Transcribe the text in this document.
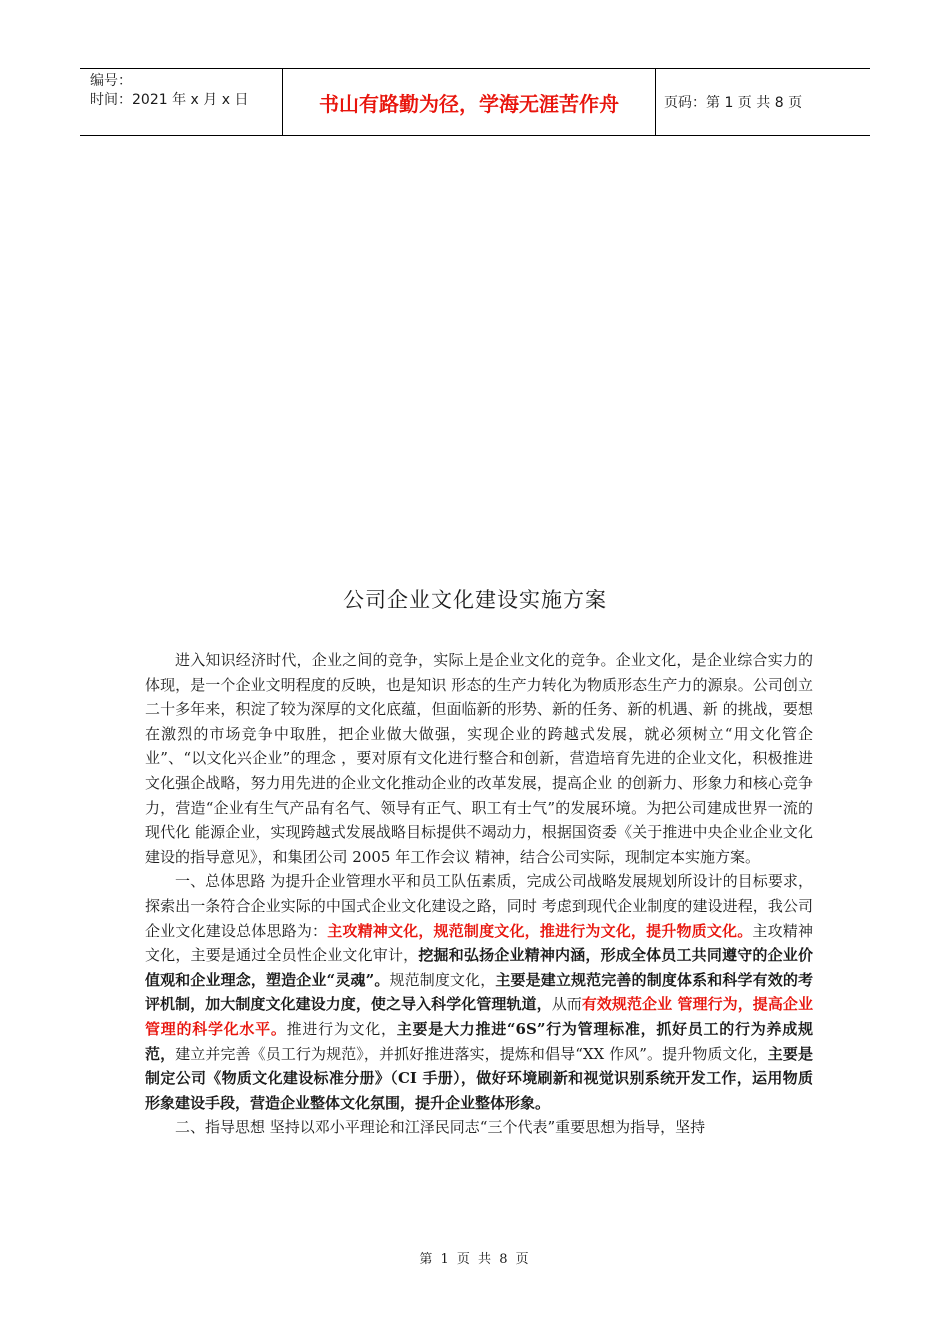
编号：
时间：2021 年 x 月 x 日	书山有路勤为径，学海无涯苦作舟	页码：第 1 页 共 8 页
公司企业文化建设实施方案

进入知识经济时代，企业之间的竞争，实际上是企业文化的竞争。企业文化，是企业综合实力的体现，是一个企业文明程度的反映，也是知识 形态的生产力转化为物质形态生产力的源泉。公司创立二十多年来，积淀了较为深厚的文化底蕴，但面临新的形势、新的任务、新的机遇、新 的挑战，要想在激烈的市场竞争中取胜，把企业做大做强，实现企业的跨越式发展，就必须树立“用文化管企业”、“以文化兴企业”的理念 ，要对原有文化进行整合和创新，营造培育先进的企业文化，积极推进文化强企战略，努力用先进的企业文化推动企业的改革发展，提高企业 的创新力、形象力和核心竞争力，营造“企业有生气产品有名气、领导有正气、职工有士气”的发展环境。为把公司建成世界一流的现代化 能源企业，实现跨越式发展战略目标提供不竭动力，根据国资委《关于推进中央企业企业文化建设的指导意见》，和集团公司 2005 年工作会议 精神，结合公司实际，现制定本实施方案。

一、总体思路 为提升企业管理水平和员工队伍素质，完成公司战略发展规划所设计的目标要求，探索出一条符合企业实际的中国式企业文化建设之路，同时 考虑到现代企业制度的建设进程，我公司企业文化建设总体思路为：主攻精神文化，规范制度文化，推进行为文化，提升物质文化。主攻精神文化，主要是通过全员性企业文化审计，挖掘和弘扬企业精神内涵，形成全体员工共同遵守的企业价值观和企业理念，塑造企业“灵魂”。规范制度文化，主要是建立规范完善的制度体系和科学有效的考评机制，加大制度文化建设力度，使之导入科学化管理轨道，从而有效规范企业 管理行为，提高企业管理的科学化水平。推进行为文化，主要是大力推进“6S”行为管理标准，抓好员工的行为养成规范，建立并完善《员工行为规范》，并抓好推进落实，提炼和倡导“XX 作风”。提升物质文化，主要是制定公司《物质文化建设标准分册》（CI 手册），做好环境刷新和视觉识别系统开发工作，运用物质形象建设手段，营造企业整体文化氛围，提升企业整体形象。

二、指导思想 坚持以邓小平理论和江泽民同志“三个代表”重要思想为指导，坚持

第 1 页 共 8 页
